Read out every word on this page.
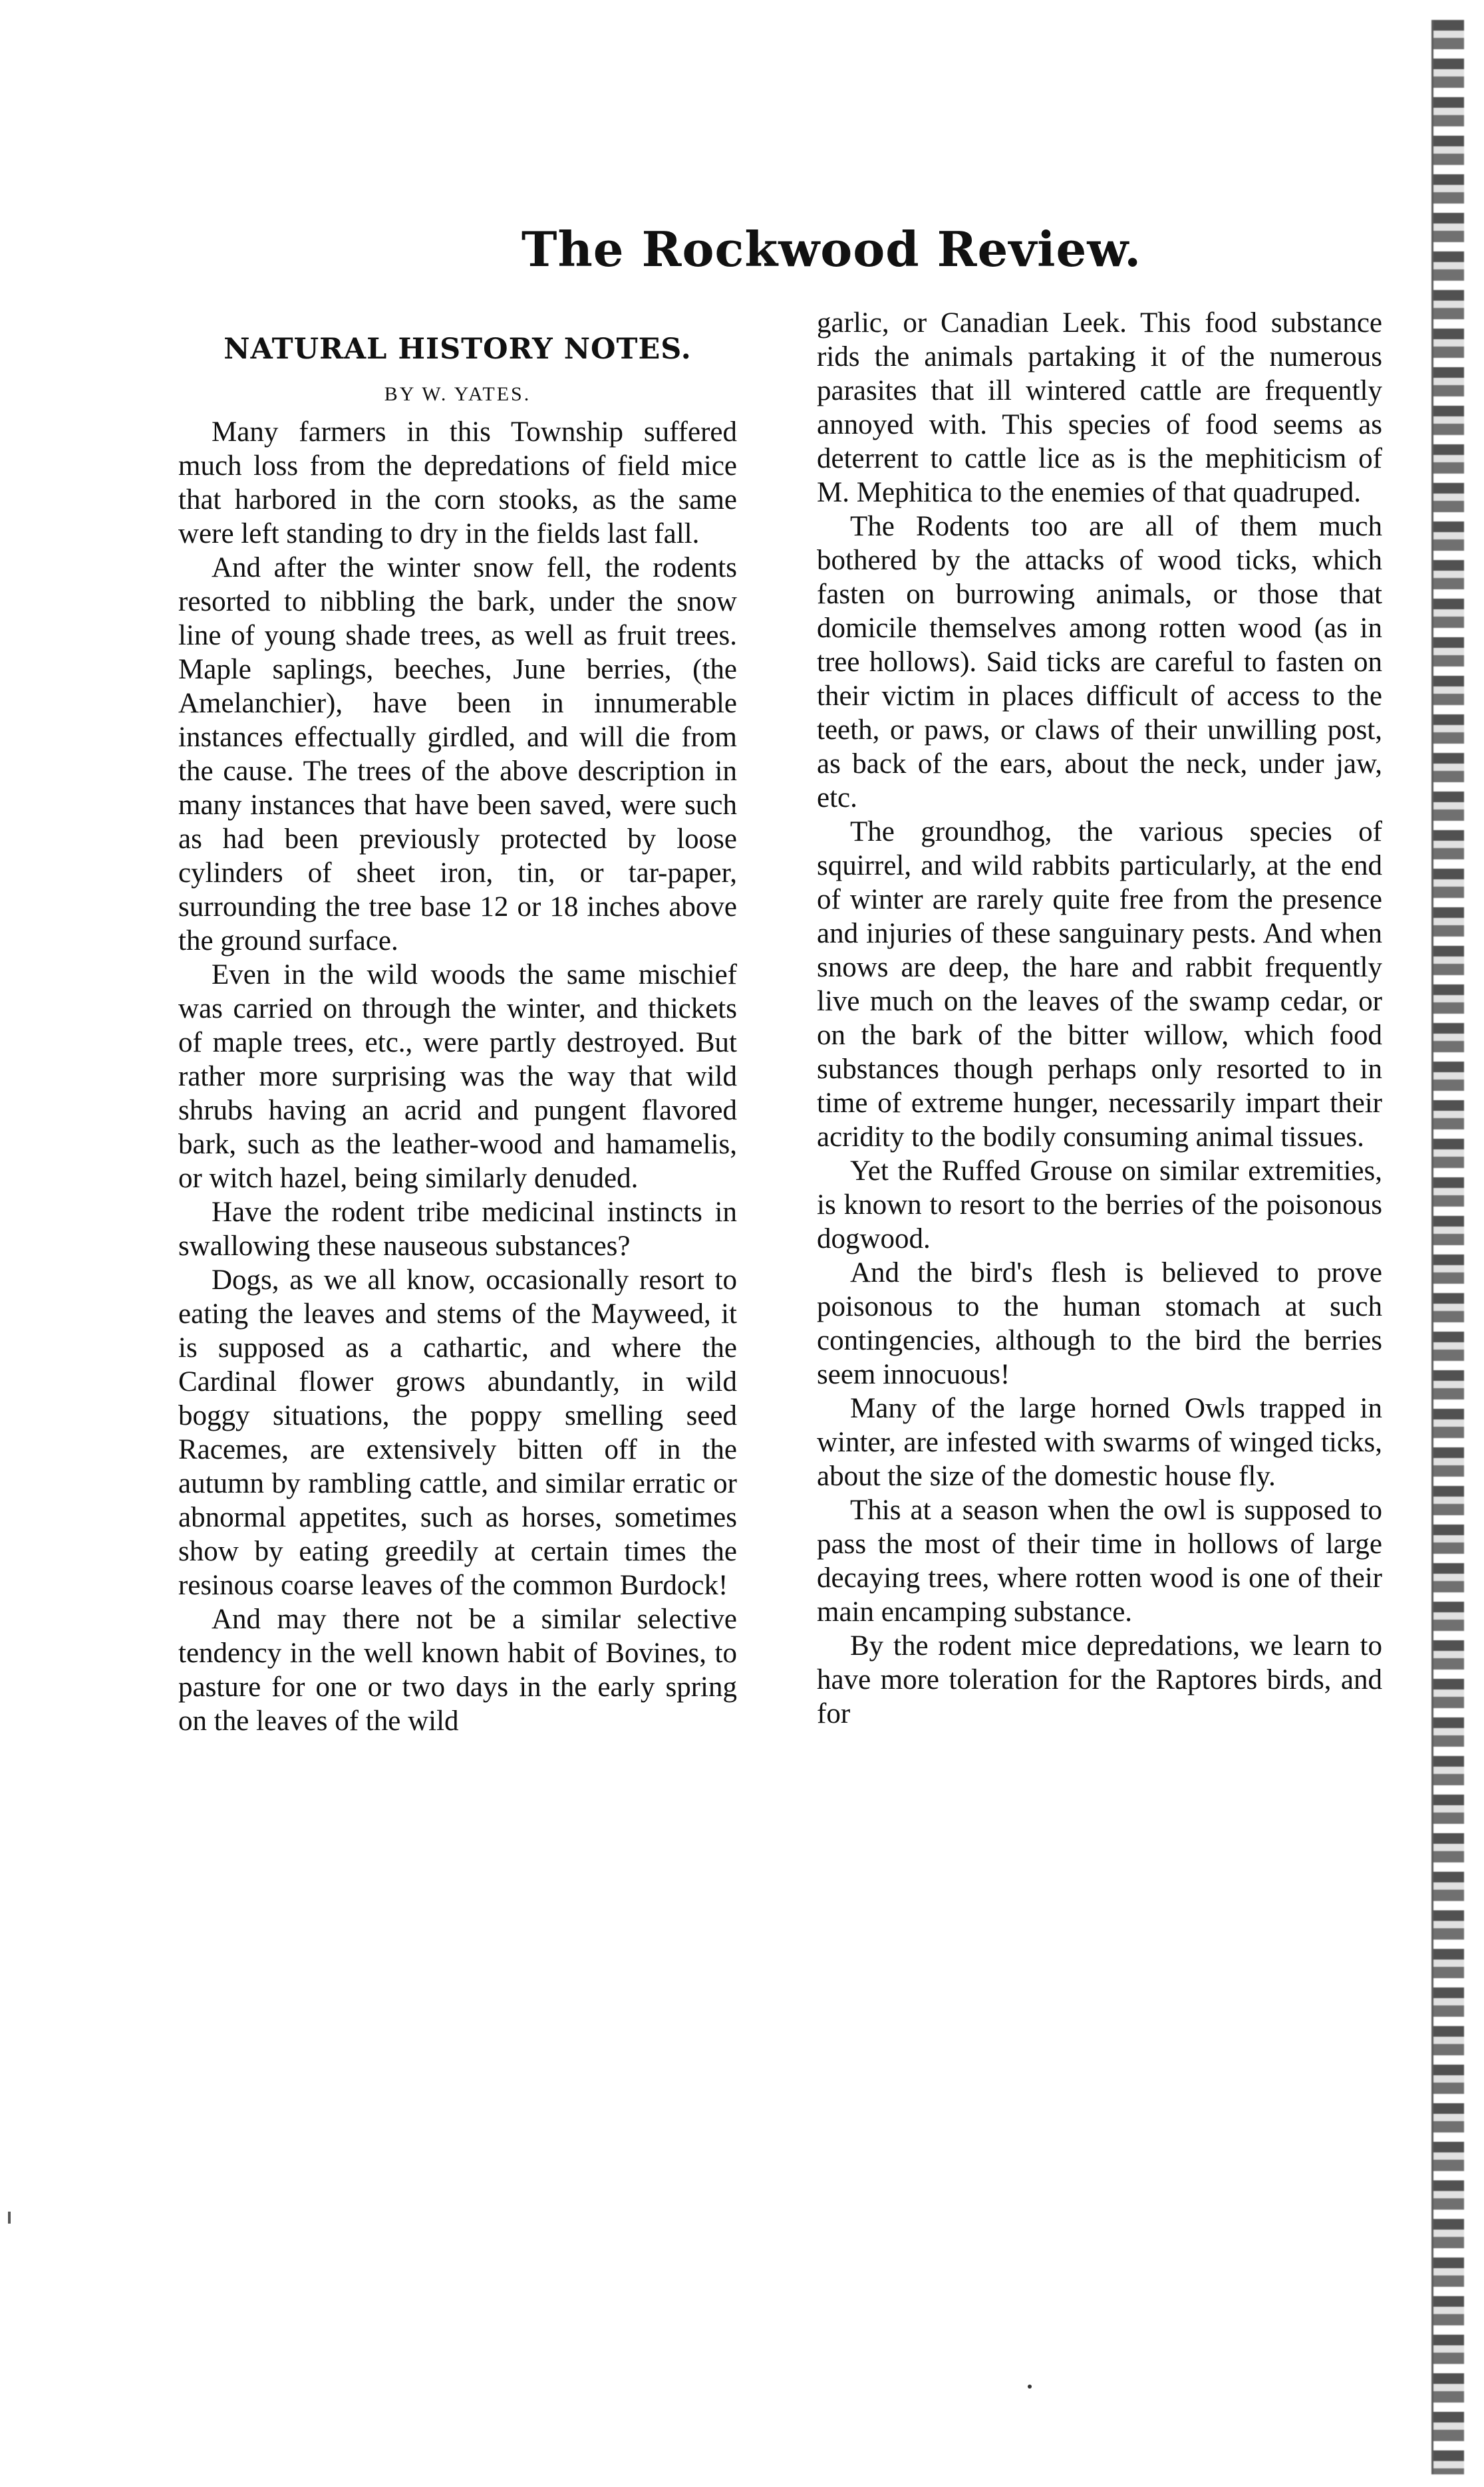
The Rockwood Review.
NATURAL HISTORY NOTES.
BY W. YATES.

Many farmers in this Township suffered much loss from the depredations of field mice that harbored in the corn stooks, as the same were left standing to dry in the fields last fall.

And after the winter snow fell, the rodents resorted to nibbling the bark, under the snow line of young shade trees, as well as fruit trees. Maple saplings, beeches, June berries, (the Amelanchier), have been in innumerable instances effectually girdled, and will die from the cause. The trees of the above description in many instances that have been saved, were such as had been previously protected by loose cylinders of sheet iron, tin, or tar-paper, surrounding the tree base 12 or 18 inches above the ground surface.

Even in the wild woods the same mischief was carried on through the winter, and thickets of maple trees, etc., were partly destroyed. But rather more surprising was the way that wild shrubs having an acrid and pungent flavored bark, such as the leather-wood and hamamelis, or witch hazel, being similarly denuded.

Have the rodent tribe medicinal instincts in swallowing these nauseous substances?

Dogs, as we all know, occasionally resort to eating the leaves and stems of the Mayweed, it is supposed as a cathartic, and where the Cardinal flower grows abundantly, in wild boggy situations, the poppy smelling seed Racemes, are extensively bitten off in the autumn by rambling cattle, and similar erratic or abnormal appetites, such as horses, sometimes show by eating greedily at certain times the resinous coarse leaves of the common Burdock!

And may there not be a similar selective tendency in the well known habit of Bovines, to pasture for one or two days in the early spring on the leaves of the wild

garlic, or Canadian Leek. This food substance rids the animals partaking it of the numerous parasites that ill wintered cattle are frequently annoyed with. This species of food seems as deterrent to cattle lice as is the mephiticism of M. Mephitica to the enemies of that quadruped.

The Rodents too are all of them much bothered by the attacks of wood ticks, which fasten on burrowing animals, or those that domicile themselves among rotten wood (as in tree hollows). Said ticks are careful to fasten on their victim in places difficult of access to the teeth, or paws, or claws of their unwilling post, as back of the ears, about the neck, under jaw, etc.

The groundhog, the various species of squirrel, and wild rabbits particularly, at the end of winter are rarely quite free from the presence and injuries of these sanguinary pests. And when snows are deep, the hare and rabbit frequently live much on the leaves of the swamp cedar, or on the bark of the bitter willow, which food substances though perhaps only resorted to in time of extreme hunger, necessarily impart their acridity to the bodily consuming animal tissues.

Yet the Ruffed Grouse on similar extremities, is known to resort to the berries of the poisonous dogwood.

And the bird's flesh is believed to prove poisonous to the human stomach at such contingencies, although to the bird the berries seem innocuous!

Many of the large horned Owls trapped in winter, are infested with swarms of winged ticks, about the size of the domestic house fly.

This at a season when the owl is supposed to pass the most of their time in hollows of large decaying trees, where rotten wood is one of their main encamping substance.

By the rodent mice depredations, we learn to have more toleration for the Raptores birds, and for
